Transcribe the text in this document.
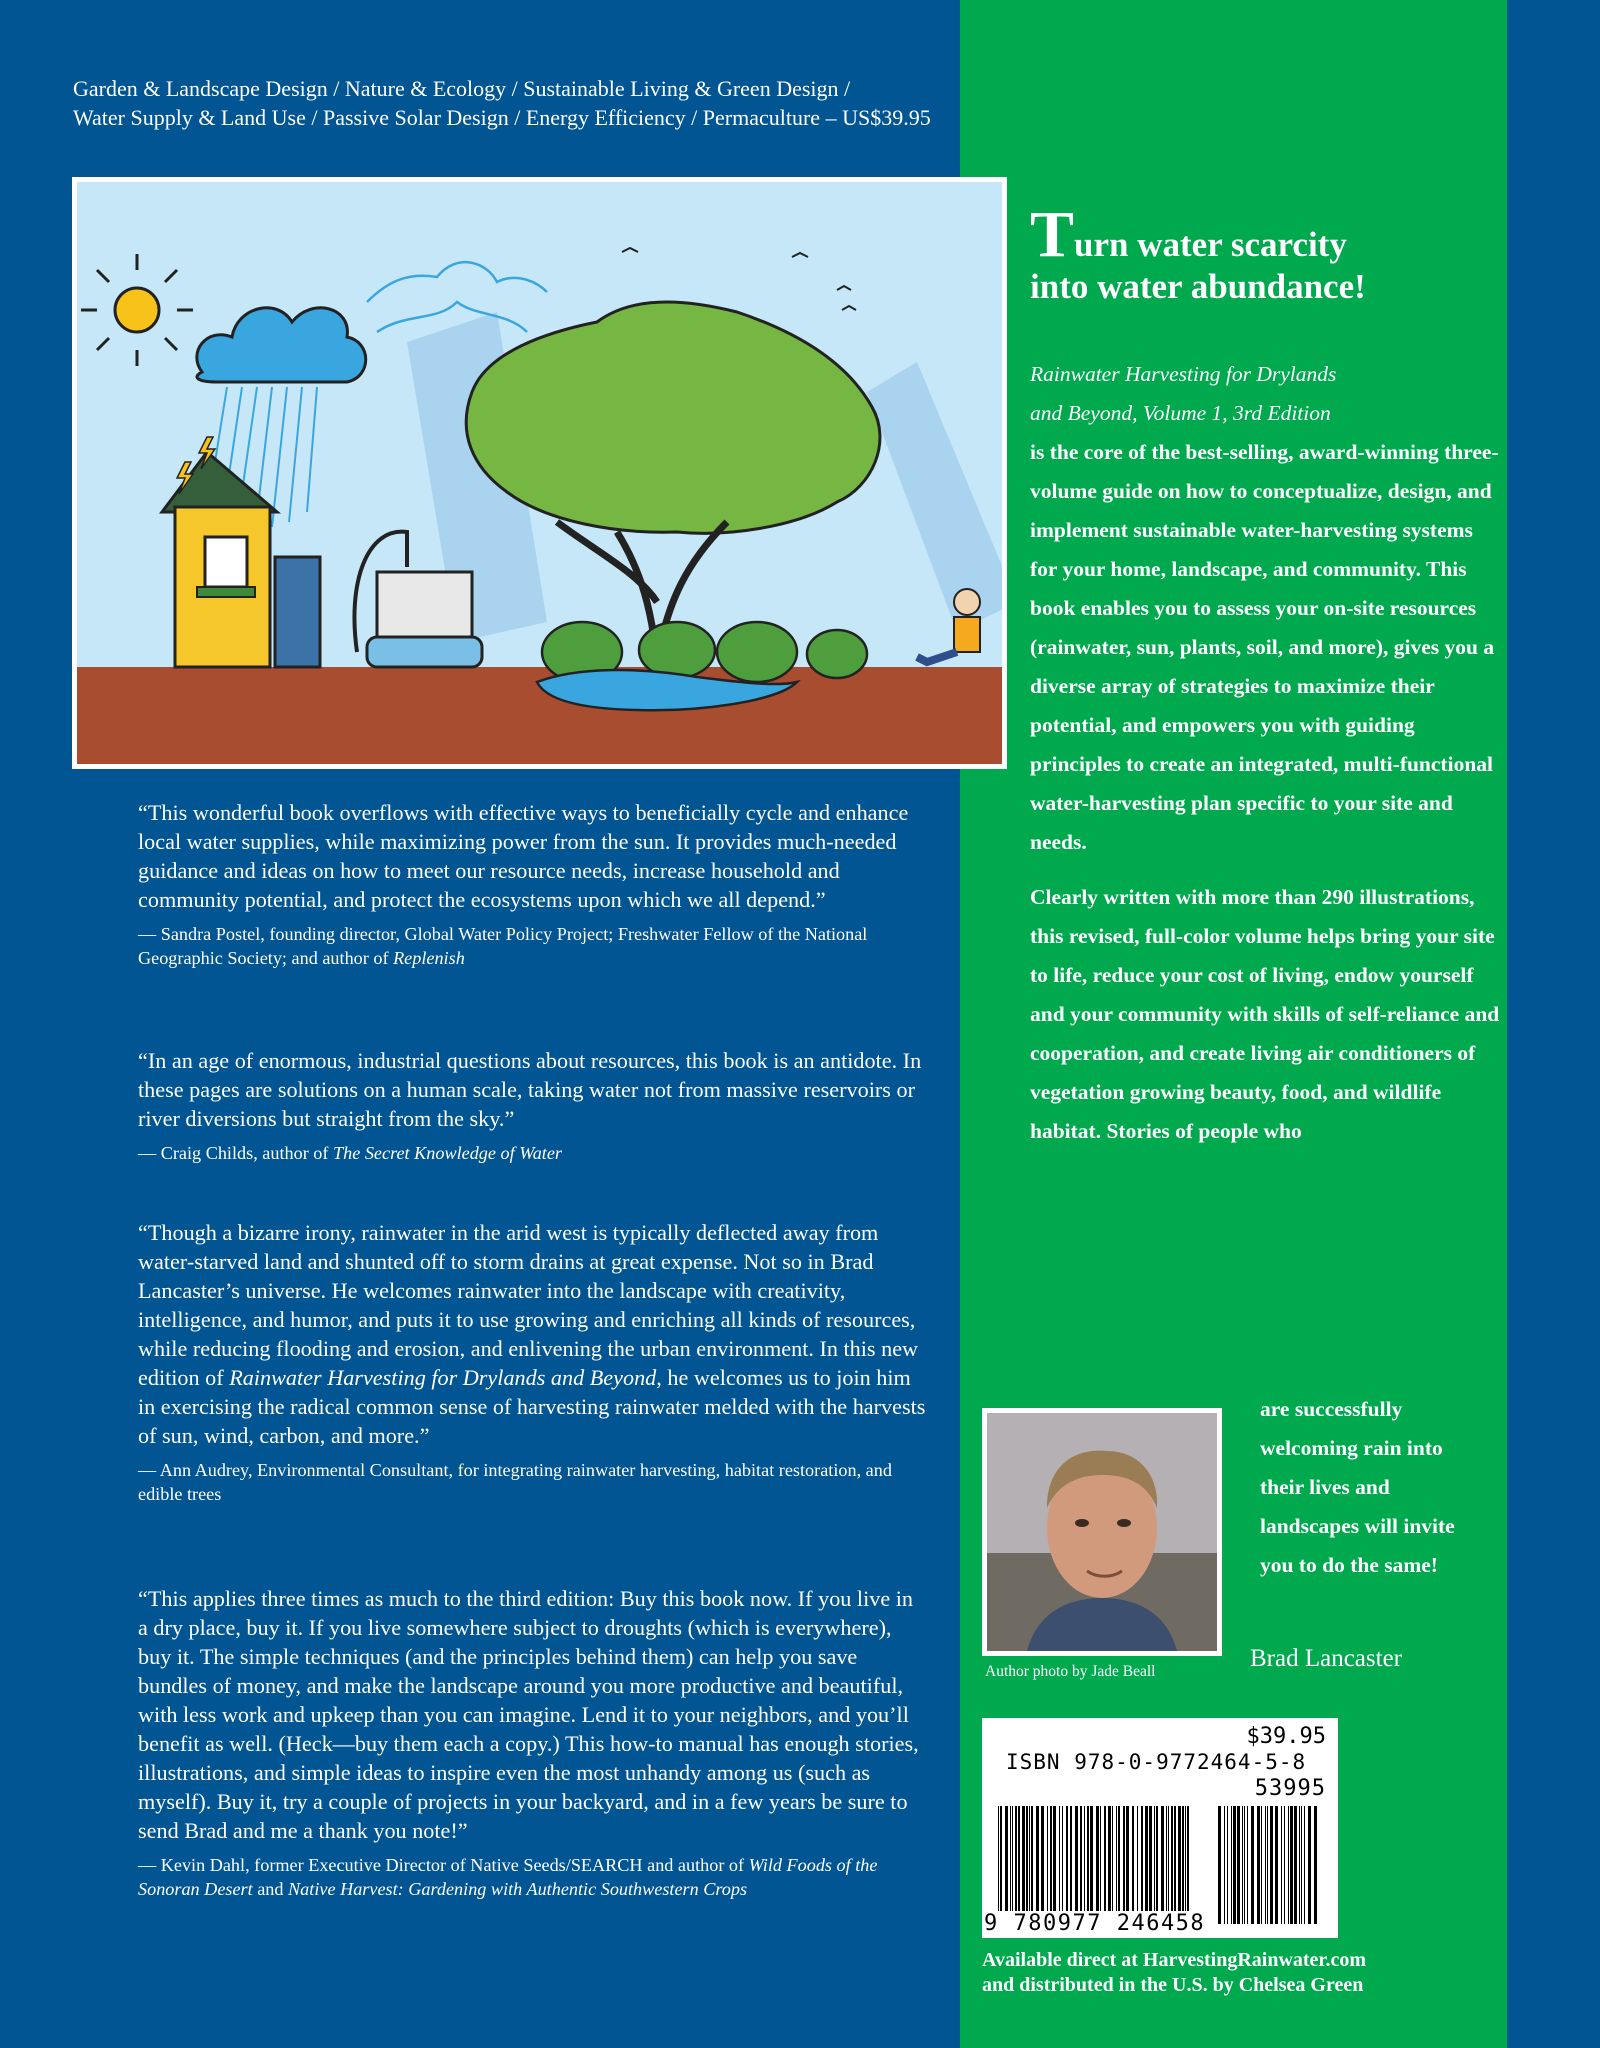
Garden & Landscape Design / Nature & Ecology / Sustainable Living & Green Design /
Water Supply & Land Use / Passive Solar Design / Energy Efficiency / Permaculture – US$39.95

“This wonderful book overflows with effective ways to beneficially cycle and enhance local water supplies, while maximizing power from the sun. It provides much-needed guidance and ideas on how to meet our resource needs, increase household and community potential, and protect the ecosystems upon which we all depend.”

— Sandra Postel, founding director, Global Water Policy Project; Freshwater Fellow of the National Geographic Society; and author of Replenish

“In an age of enormous, industrial questions about resources, this book is an antidote. In these pages are solutions on a human scale, taking water not from massive reservoirs or river diversions but straight from the sky.”

— Craig Childs, author of The Secret Knowledge of Water

“Though a bizarre irony, rainwater in the arid west is typically deflected away from water-starved land and shunted off to storm drains at great expense. Not so in Brad Lancaster’s universe. He welcomes rainwater into the landscape with creativity, intelligence, and humor, and puts it to use growing and enriching all kinds of resources, while reducing flooding and erosion, and enlivening the urban environment. In this new edition of Rainwater Harvesting for Drylands and Beyond, he welcomes us to join him in exercising the radical common sense of harvesting rainwater melded with the harvests of sun, wind, carbon, and more.”

— Ann Audrey, Environmental Consultant, for integrating rainwater harvesting, habitat restoration, and edible trees

“This applies three times as much to the third edition: Buy this book now. If you live in a dry place, buy it. If you live somewhere subject to droughts (which is everywhere), buy it. The simple techniques (and the principles behind them) can help you save bundles of money, and make the landscape around you more productive and beautiful, with less work and upkeep than you can imagine. Lend it to your neighbors, and you’ll benefit as well. (Heck—buy them each a copy.) This how-to manual has enough stories, illustrations, and simple ideas to inspire even the most unhandy among us (such as myself). Buy it, try a couple of projects in your backyard, and in a few years be sure to send Brad and me a thank you note!”

— Kevin Dahl, former Executive Director of Native Seeds/SEARCH and author of Wild Foods of the Sonoran Desert and Native Harvest: Gardening with Authentic Southwestern Crops

Turn water scarcity
into water abundance!

Rainwater Harvesting for Drylands
and Beyond, Volume 1, 3rd Edition
is the core of the best-selling, award-winning three-volume guide on how to conceptualize, design, and implement sustainable water-harvesting systems for your home, landscape, and community. This book enables you to assess your on-site resources (rainwater, sun, plants, soil, and more), gives you a diverse array of strategies to maximize their potential, and empowers you with guiding principles to create an integrated, multi-functional water-harvesting plan specific to your site and needs.

Clearly written with more than 290 illustrations, this revised, full-color volume helps bring your site to life, reduce your cost of living, endow yourself and your community with skills of self-reliance and cooperation, and create living air conditioners of vegetation growing beauty, food, and wildlife habitat. Stories of people who

are successfully welcoming rain into their lives and landscapes will invite you to do the same!
Author photo by Jade Beall	Brad Lancaster
$39.95
ISBN 978-0-9772464-5-8
53995
9 780977 246458
Available direct at HarvestingRainwater.com
and distributed in the U.S. by Chelsea Green
